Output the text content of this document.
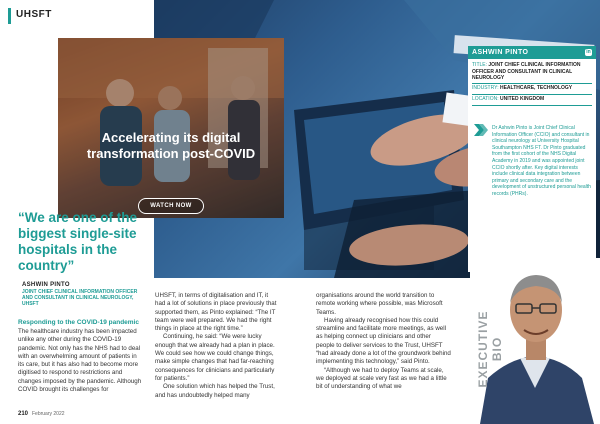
UHSFT
Accelerating its digital transformation post-COVID
WATCH NOW
“We are one of the biggest single-site hospitals in the country”
ASHWIN PINTO
JOINT CHIEF CLINICAL INFORMATION OFFICER AND CONSULTANT IN CLINICAL NEUROLOGY, UHSFT
Responding to the COVID-19 pandemic

The healthcare industry has been impacted unlike any other during the COVID-19 pandemic. Not only has the NHS had to deal with an overwhelming amount of patients in its care, but it has also had to become more digitised to respond to restrictions and changes imposed by the pandemic. Although COVID brought its challenges for

UHSFT, in terms of digitalisation and IT, it had a lot of solutions in place previously that supported them, as Pinto explained: “The IT team were well prepared. We had the right things in place at the right time.”

Continuing, he said: “We were lucky enough that we already had a plan in place. We could see how we could change things, make simple changes that had far-reaching consequences for clinicians and particularly for patients.”

One solution which has helped the Trust, and has undoubtedly helped many

organisations around the world transition to remote working where possible, was Microsoft Teams.

Having already recognised how this could streamline and facilitate more meetings, as well as helping connect up clinicians and other people to deliver services to the Trust, UHSFT “had already done a lot of the groundwork behind implementing this technology,” said Pinto.

“Although we had to deploy Teams at scale, we deployed at scale very fast as we had a little bit of understanding of what we

210 February 2022
ASHWIN PINTO	in
TITLE: JOINT CHIEF CLINICAL INFORMATION OFFICER AND CONSULTANT IN CLINICAL NEUROLOGY
INDUSTRY: HEALTHCARE, TECHNOLOGY
LOCATION: UNITED KINGDOM
Dr Ashwin Pinto is Joint Chief Clinical Information Officer (CCIO) and consultant in clinical neurology at University Hospital Southampton NHS FT. Dr Pinto graduated from the first cohort of the NHS Digital Academy in 2019 and was appointed joint CCIO shortly after. Key digital interests include clinical data integration between primary and secondary care and the development of unstructured personal health records (PHRs).
EXECUTIVE BIO
